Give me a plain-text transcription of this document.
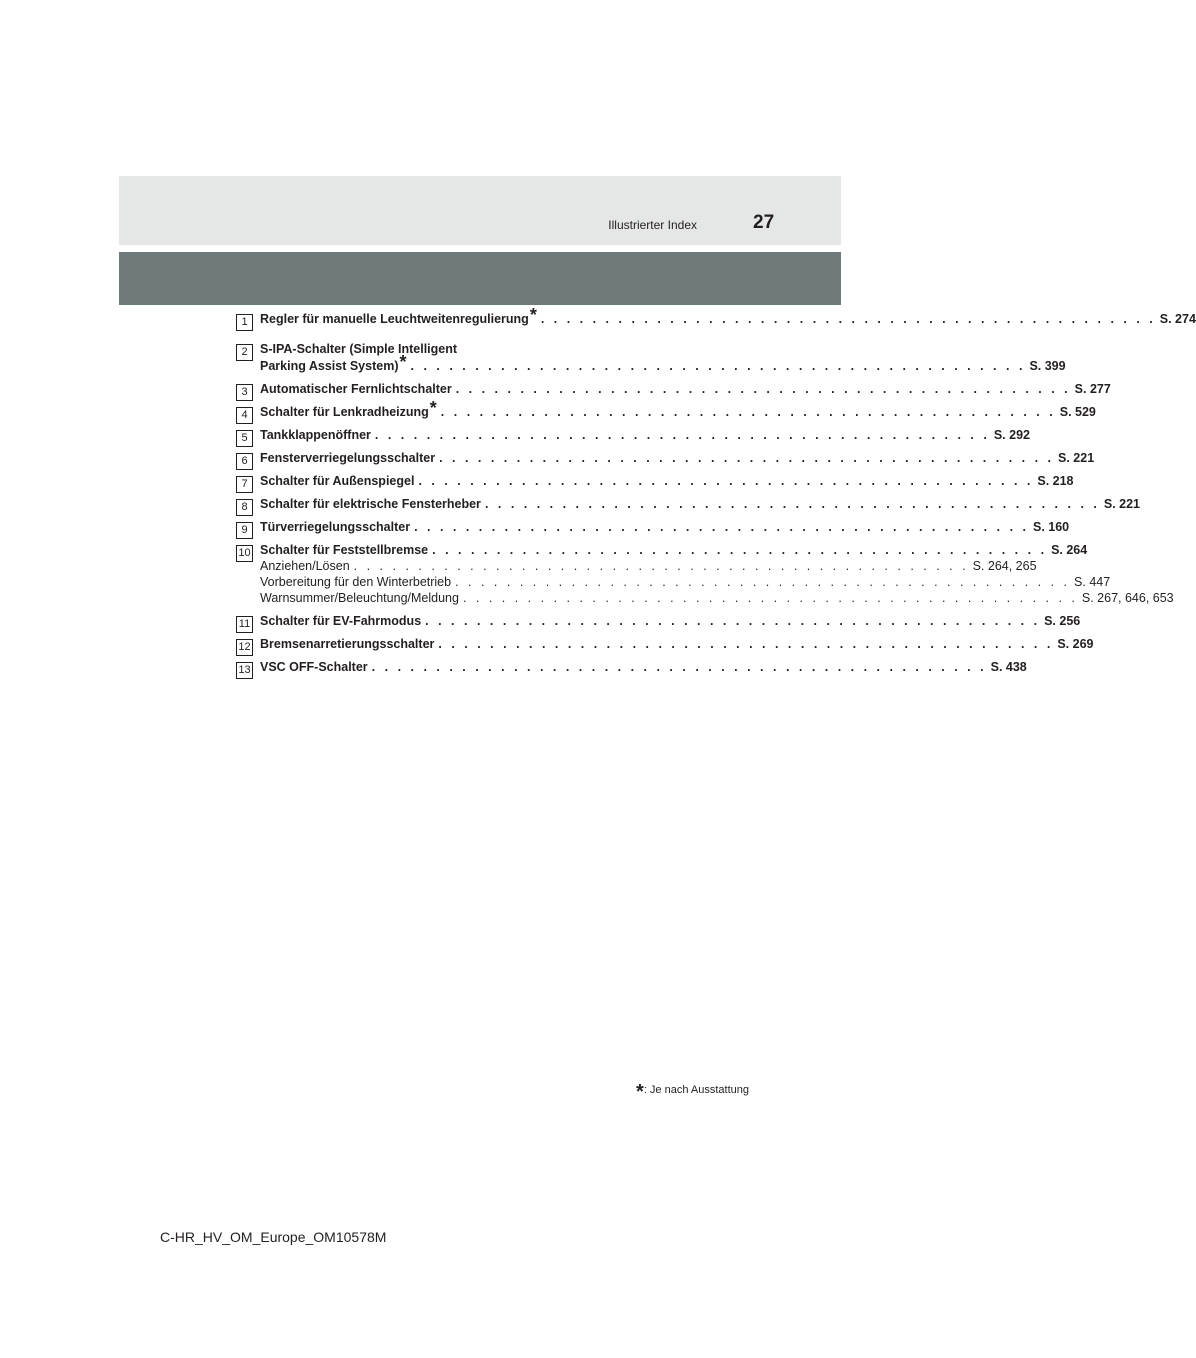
Illustrierter Index	27
1 Regler für manuelle Leuchtweitenregulierung* . . . . . . . . . . . . . . . . . . . . . . . . . . . . . . . . . . . . . . . . . . . . . . . . S. 274
2 S-IPA-Schalter (Simple Intelligent
Parking Assist System)* . . . . . . . . . . . . . . . . . . . . . . . . . . . . . . . . . . . . . . . . . . . . . . . . S. 399
3 Automatischer Fernlichtschalter . . . . . . . . . . . . . . . . . . . . . . . . . . . . . . . . . . . . . . . . . . . . . . . . S. 277
4 Schalter für Lenkradheizung* . . . . . . . . . . . . . . . . . . . . . . . . . . . . . . . . . . . . . . . . . . . . . . . . S. 529
5 Tankklappenöffner . . . . . . . . . . . . . . . . . . . . . . . . . . . . . . . . . . . . . . . . . . . . . . . . S. 292
6 Fensterverriegelungsschalter . . . . . . . . . . . . . . . . . . . . . . . . . . . . . . . . . . . . . . . . . . . . . . . . S. 221
7 Schalter für Außenspiegel . . . . . . . . . . . . . . . . . . . . . . . . . . . . . . . . . . . . . . . . . . . . . . . . S. 218
8 Schalter für elektrische Fensterheber . . . . . . . . . . . . . . . . . . . . . . . . . . . . . . . . . . . . . . . . . . . . . . . . S. 221
9 Türverriegelungsschalter . . . . . . . . . . . . . . . . . . . . . . . . . . . . . . . . . . . . . . . . . . . . . . . . S. 160
10 Schalter für Feststellbremse . . . . . . . . . . . . . . . . . . . . . . . . . . . . . . . . . . . . . . . . . . . . . . . . S. 264
Anziehen/Lösen . . . . . . . . . . . . . . . . . . . . . . . . . . . . . . . . . . . . . . . . . . . . . . . . S. 264, 265
Vorbereitung für den Winterbetrieb . . . . . . . . . . . . . . . . . . . . . . . . . . . . . . . . . . . . . . . . . . . . . . . . S. 447
Warnsummer/Beleuchtung/Meldung . . . . . . . . . . . . . . . . . . . . . . . . . . . . . . . . . . . . . . . . . . . . . . . . S. 267, 646, 653
11 Schalter für EV-Fahrmodus . . . . . . . . . . . . . . . . . . . . . . . . . . . . . . . . . . . . . . . . . . . . . . . . S. 256
12 Bremsenarretierungsschalter . . . . . . . . . . . . . . . . . . . . . . . . . . . . . . . . . . . . . . . . . . . . . . . . S. 269
13 VSC OFF-Schalter . . . . . . . . . . . . . . . . . . . . . . . . . . . . . . . . . . . . . . . . . . . . . . . . S. 438
*: Je nach Ausstattung
C-HR_HV_OM_Europe_OM10578M
